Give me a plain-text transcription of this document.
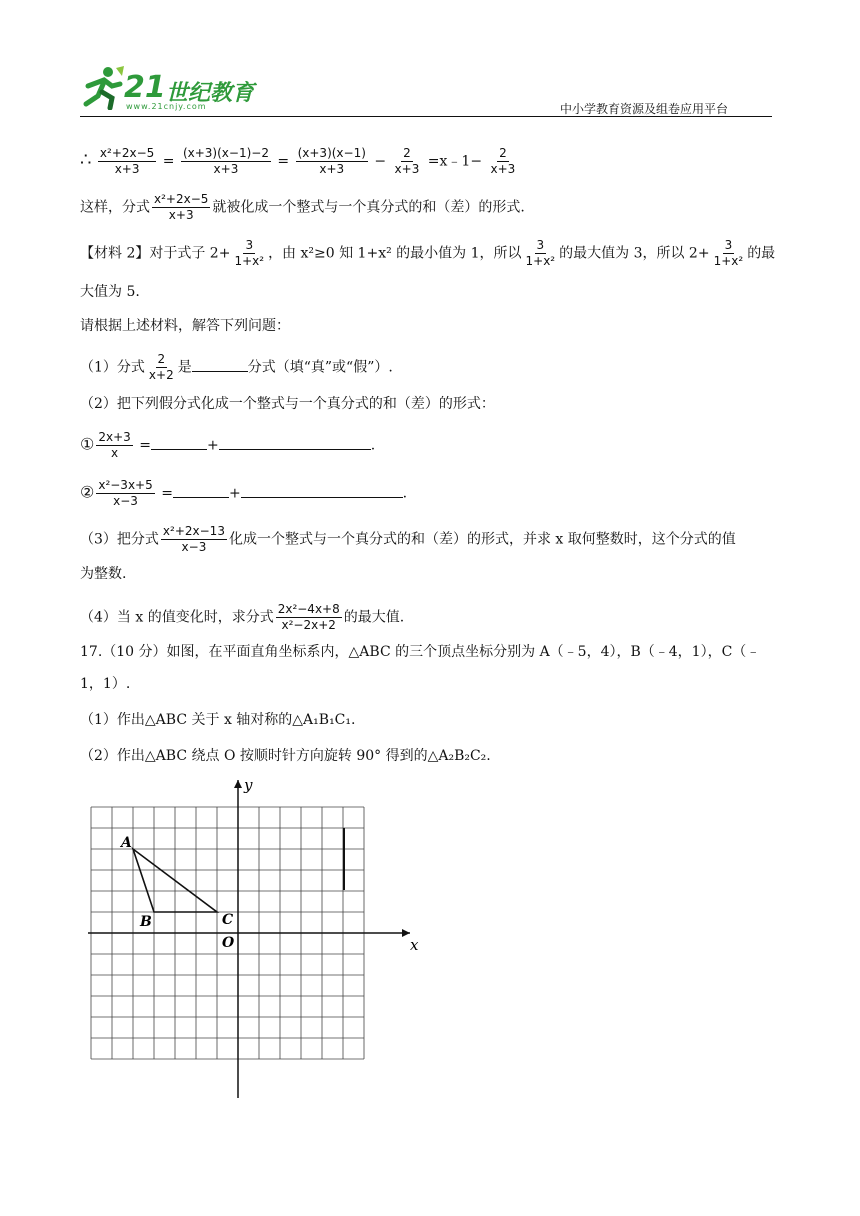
21 世纪教育
www.21cnjy.com	中小学教育资源及组卷应用平台
∴ $\frac{\text{x²+2x−5}}{x+3} = \frac{(x+3)(x-1)-2}{x+3} = \frac{(x+3)(x-1)}{x+3} - \frac{2}{x+3}$ =x﹣1− $\frac{2}{x+3}$
这样，分式 $\frac{\text{x²+2x−5}}{x+3}$ 就被化成一个整式与一个真分式的和（差）的形式.
【材料 2】对于式子 $2+ \frac{3}{\text{1+x²}}$ ，由 x²≥0 知 1+x² 的最小值为 1，所以 $\frac{3}{\text{1+x²}}$ 的最大值为 3，所以 $2+ \frac{3}{\text{1+x²}}$ 的最
大值为 5.
请根据上述材料，解答下列问题：
（1）分式 $\frac{2}{x+2}$ 是	分式（填“真”或“假”）.
（2）把下列假分式化成一个整式与一个真分式的和（差）的形式：
① $\frac{2x+3}{x}$ =	+	.
② $\frac{\text{x²−3x+5}}{x-3}$ =	+	.
（3）把分式 $\frac{\text{x²+2x−13}}{x-3}$ 化成一个整式与一个真分式的和（差）的形式，并求 x 取何整数时，这个分式的值
为整数.
（4）当 x 的值变化时，求分式 $\frac{\text{2x²−4x+8}}{\text{x²−2x+2}}$ 的最大值.
17.（10 分）如图，在平面直角坐标系内，△ABC 的三个顶点坐标分别为 A（﹣5，4），B（﹣4，1），C（﹣
1，1）.
（1）作出△ABC 关于 x 轴对称的△A₁B₁C₁.
（2）作出△ABC 绕点 O 按顺时针方向旋转 90° 得到的△A₂B₂C₂.
x
y
O
A
B	C
